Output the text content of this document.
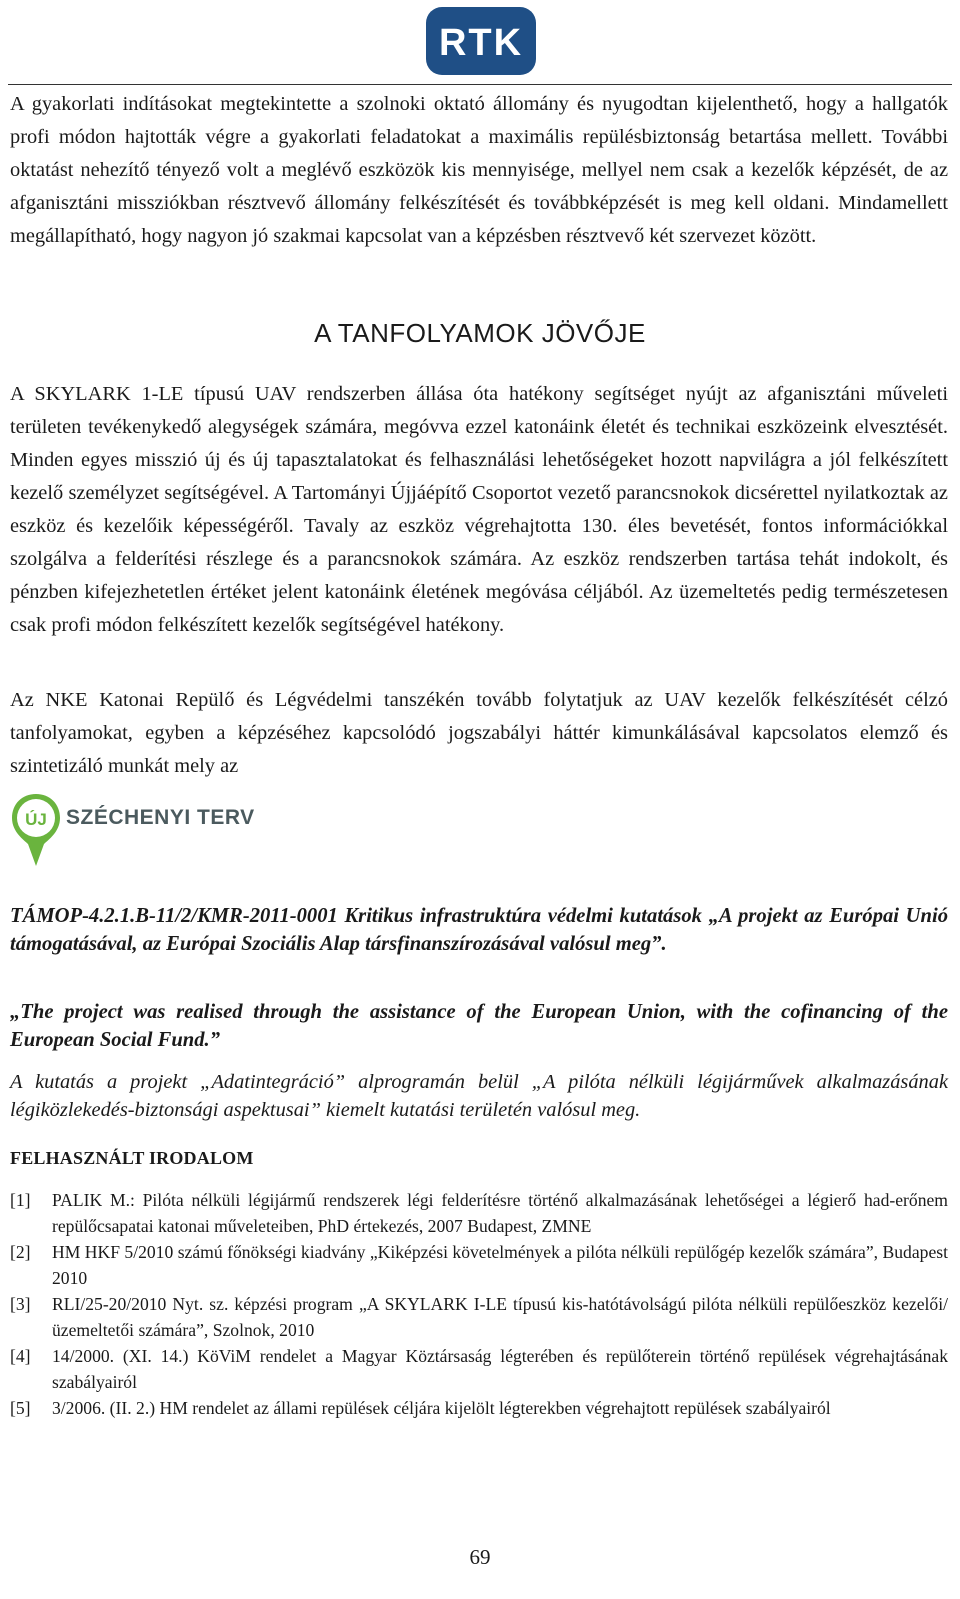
RTK

A gyakorlati indításokat megtekintette a szolnoki oktató állomány és nyugodtan kijelenthető, hogy a hallgatók profi módon hajtották végre a gyakorlati feladatokat a maximális repülésbiztonság betartása mellett. További oktatást nehezítő tényező volt a meglévő eszközök kis mennyisége, mellyel nem csak a kezelők képzését, de az afganisztáni missziókban résztvevő állomány felkészítését és továbbképzését is meg kell oldani. Mindamellett megállapítható, hogy nagyon jó szakmai kapcsolat van a képzésben résztvevő két szervezet között.

A TANFOLYAMOK JÖVŐJE

A SKYLARK 1-LE típusú UAV rendszerben állása óta hatékony segítséget nyújt az afganisztáni műveleti területen tevékenykedő alegységek számára, megóvva ezzel katonáink életét és technikai eszközeink elvesztését. Minden egyes misszió új és új tapasztalatokat és felhasználási lehetőségeket hozott napvilágra a jól felkészített kezelő személyzet segítségével. A Tartományi Újjáépítő Csoportot vezető parancsnokok dicsérettel nyilatkoztak az eszköz és kezelőik képességéről. Tavaly az eszköz végrehajtotta 130. éles bevetését, fontos információkkal szolgálva a felderítési részlege és a parancsnokok számára. Az eszköz rendszerben tartása tehát indokolt, és pénzben kifejezhetetlen értéket jelent katonáink életének megóvása céljából. Az üzemeltetés pedig természetesen csak profi módon felkészített kezelők segítségével hatékony.

Az NKE Katonai Repülő és Légvédelmi tanszékén tovább folytatjuk az UAV kezelők felkészítését célzó tanfolyamokat, egyben a képzéséhez kapcsolódó jogszabályi háttér kimunkálásával kapcsolatos elemző és szintetizáló munkát mely az

ÚJ SZÉCHENYI TERV

TÁMOP-4.2.1.B-11/2/KMR-2011-0001 Kritikus infrastruktúra védelmi kutatások „A projekt az Európai Unió támogatásával, az Európai Szociális Alap társfinanszírozásával valósul meg”.

„The project was realised through the assistance of the European Union, with the cofinancing of the European Social Fund.”

A kutatás a projekt „Adatintegráció” alprogramán belül „A pilóta nélküli légijárművek alkalmazásának légiközlekedés-biztonsági aspektusai” kiemelt kutatási területén valósul meg.

FELHASZNÁLT IRODALOM
[1] PALIK M.: Pilóta nélküli légijármű rendszerek légi felderítésre történő alkalmazásának lehetőségei a légierő had-erőnem repülőcsapatai katonai műveleteiben, PhD értekezés, 2007 Budapest, ZMNE
[2] HM HKF 5/2010 számú főnökségi kiadvány „Kiképzési követelmények a pilóta nélküli repülőgép kezelők számára”, Budapest 2010
[3] RLI/25-20/2010 Nyt. sz. képzési program „A SKYLARK I-LE típusú kis-hatótávolságú pilóta nélküli repülőeszköz kezelői/üzemeltetői számára”, Szolnok, 2010
[4] 14/2000. (XI. 14.) KöViM rendelet a Magyar Köztársaság légterében és repülőterein történő repülések végrehajtásának szabályairól
[5] 3/2006. (II. 2.) HM rendelet az állami repülések céljára kijelölt légterekben végrehajtott repülések szabályairól
69
